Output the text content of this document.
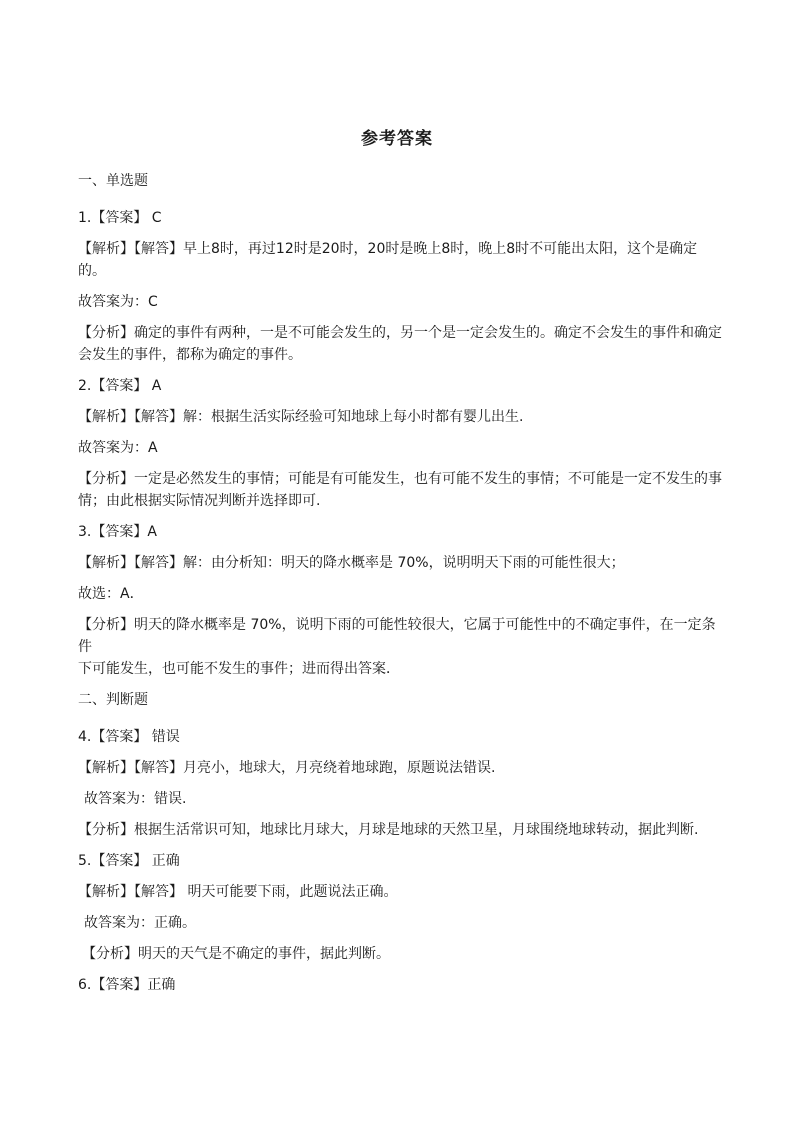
参考答案

一、单选题

1.【答案】 C

【解析】【解答】早上8时，再过12时是20时，20时是晚上8时，晚上8时不可能出太阳，这个是确定

的。

故答案为：C

【分析】确定的事件有两种，一是不可能会发生的，另一个是一定会发生的。确定不会发生的事件和确定

会发生的事件，都称为确定的事件。

2.【答案】 A

【解析】【解答】解：根据生活实际经验可知地球上每小时都有婴儿出生.

故答案为：A

【分析】一定是必然发生的事情；可能是有可能发生，也有可能不发生的事情；不可能是一定不发生的事

情；由此根据实际情况判断并选择即可.

3.【答案】A

【解析】【解答】解：由分析知：明天的降水概率是 70%，说明明天下雨的可能性很大；

故选：A．

【分析】明天的降水概率是 70%，说明下雨的可能性较很大，它属于可能性中的不确定事件，在一定条件

下可能发生，也可能不发生的事件；进而得出答案．

二、判断题

4.【答案】 错误

【解析】【解答】月亮小，地球大，月亮绕着地球跑，原题说法错误.

故答案为：错误.

【分析】根据生活常识可知，地球比月球大，月球是地球的天然卫星，月球围绕地球转动，据此判断.

5.【答案】 正确

【解析】【解答】 明天可能要下雨，此题说法正确。

故答案为：正确。

【分析】明天的天气是不确定的事件，据此判断。

6.【答案】正确
